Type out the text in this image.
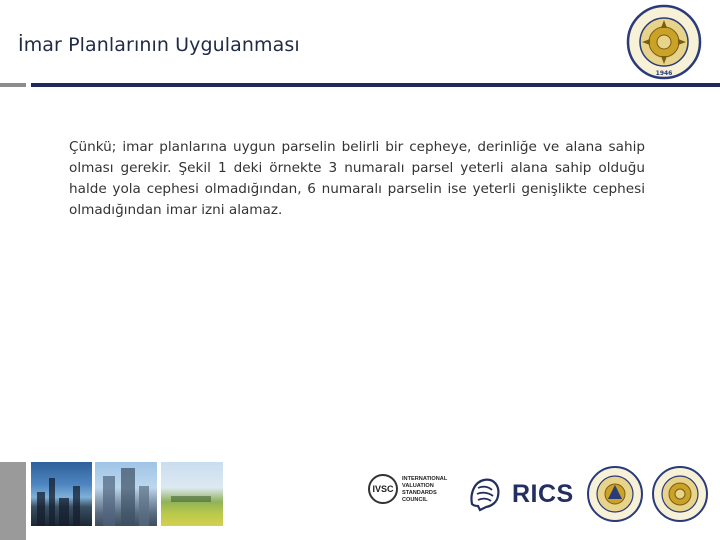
İmar Planlarının Uygulanması
1946
Çünkü; imar planlarına uygun parselin belirli bir cepheye, derinliğe ve alana sahip olması gerekir. Şekil 1 deki örnekte 3 numaralı parsel yeterli alana sahip olduğu halde yola cephesi olmadığından, 6 numaralı parselin ise yeterli genişlikte cephesi olmadığından imar izni alamaz.
IVSC
INTERNATIONAL
VALUATION
STANDARDS
COUNCIL	RICS
